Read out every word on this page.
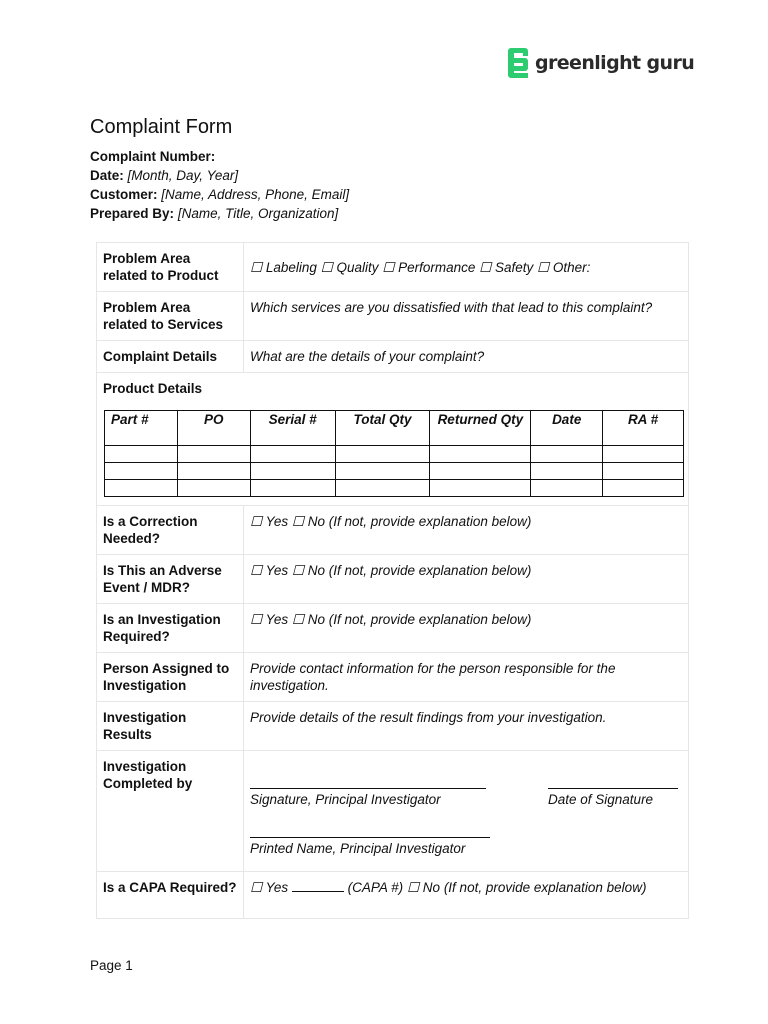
greenlight guru
Complaint Form
Complaint Number:
Date: [Month, Day, Year]
Customer: [Name, Address, Phone, Email]
Prepared By: [Name, Title, Organization]
Problem Area related to Product	☐ Labeling ☐ Quality ☐ Performance ☐ Safety ☐ Other:
Problem Area related to Services	Which services are you dissatisfied with that lead to this complaint?
Complaint Details	What are the details of your complaint?

Product Details
Part #	PO	Serial #	Total Qty	Returned Qty	Date	RA #

Is a Correction Needed?	☐ Yes ☐ No (If not, provide explanation below)
Is This an Adverse Event / MDR?	☐ Yes ☐ No (If not, provide explanation below)
Is an Investigation Required?	☐ Yes ☐ No (If not, provide explanation below)
Person Assigned to Investigation	Provide contact information for the person responsible for the investigation.
Investigation Results	Provide details of the result findings from your investigation.
Investigation Completed by	
Signature, Principal Investigator	Date of Signature
Printed Name, Principal Investigator

Is a CAPA Required?	☐ Yes	(CAPA #) ☐ No (If not, provide explanation below)
Page 1
